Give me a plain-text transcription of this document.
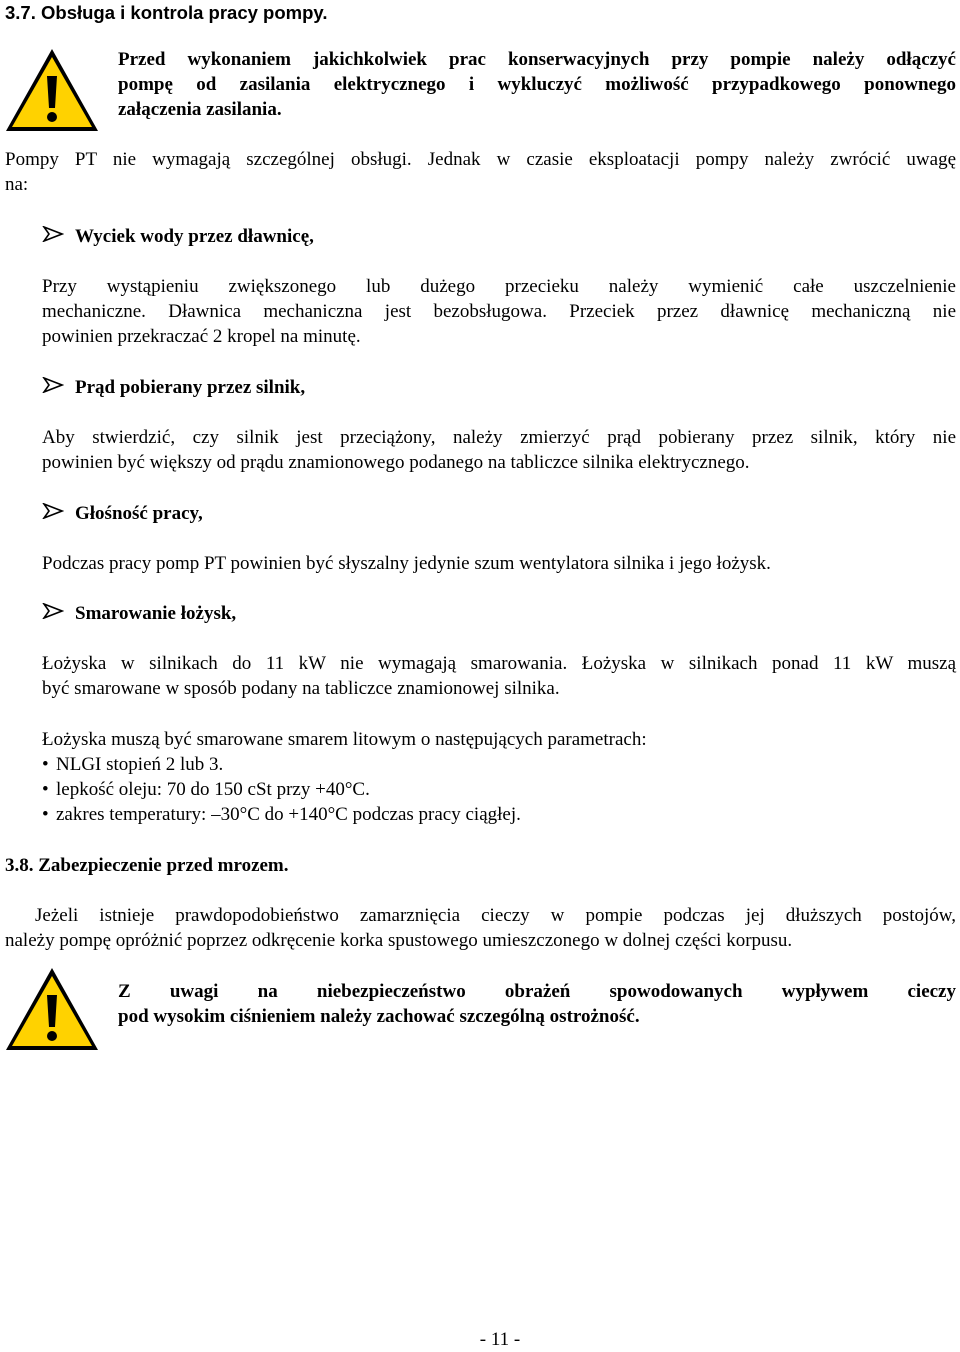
3.7. Obsługa i kontrola pracy pompy.
Przed wykonaniem jakichkolwiek prac konserwacyjnych przy pompie należy odłączyć
pompę od zasilania elektrycznego i wykluczyć możliwość przypadkowego ponownego
załączenia zasilania.
Pompy PT nie wymagają szczególnej obsługi. Jednak w czasie eksploatacji pompy należy zwrócić uwagę
na:
Wyciek wody przez dławnicę,
Przy wystąpieniu zwiększonego lub dużego przecieku należy wymienić całe uszczelnienie
mechaniczne. Dławnica mechaniczna jest bezobsługowa. Przeciek przez dławnicę mechaniczną nie
powinien przekraczać 2 kropel na minutę.
Prąd pobierany przez silnik,
Aby stwierdzić, czy silnik jest przeciążony, należy zmierzyć prąd pobierany przez silnik, który nie
powinien być większy od prądu znamionowego podanego na tabliczce silnika elektrycznego.
Głośność pracy,
Podczas pracy pomp PT powinien być słyszalny jedynie szum wentylatora silnika i jego łożysk.
Smarowanie łożysk,
Łożyska w silnikach do 11 kW nie wymagają smarowania. Łożyska w silnikach ponad 11 kW muszą
być smarowane w sposób podany na tabliczce znamionowej silnika.
Łożyska muszą być smarowane smarem litowym o następujących parametrach:
• NLGI stopień 2 lub 3.
• lepkość oleju: 70 do 150 cSt przy +40°C.
• zakres temperatury: –30°C do +140°C podczas pracy ciągłej.
3.8. Zabezpieczenie przed mrozem.
Jeżeli istnieje prawdopodobieństwo zamarznięcia cieczy w pompie podczas jej dłuższych postojów,
należy pompę opróżnić poprzez odkręcenie korka spustowego umieszczonego w dolnej części korpusu.
Z uwagi na niebezpieczeństwo obrażeń spowodowanych wypływem cieczy
pod wysokim ciśnieniem należy zachować szczególną ostrożność.
- 11 -
